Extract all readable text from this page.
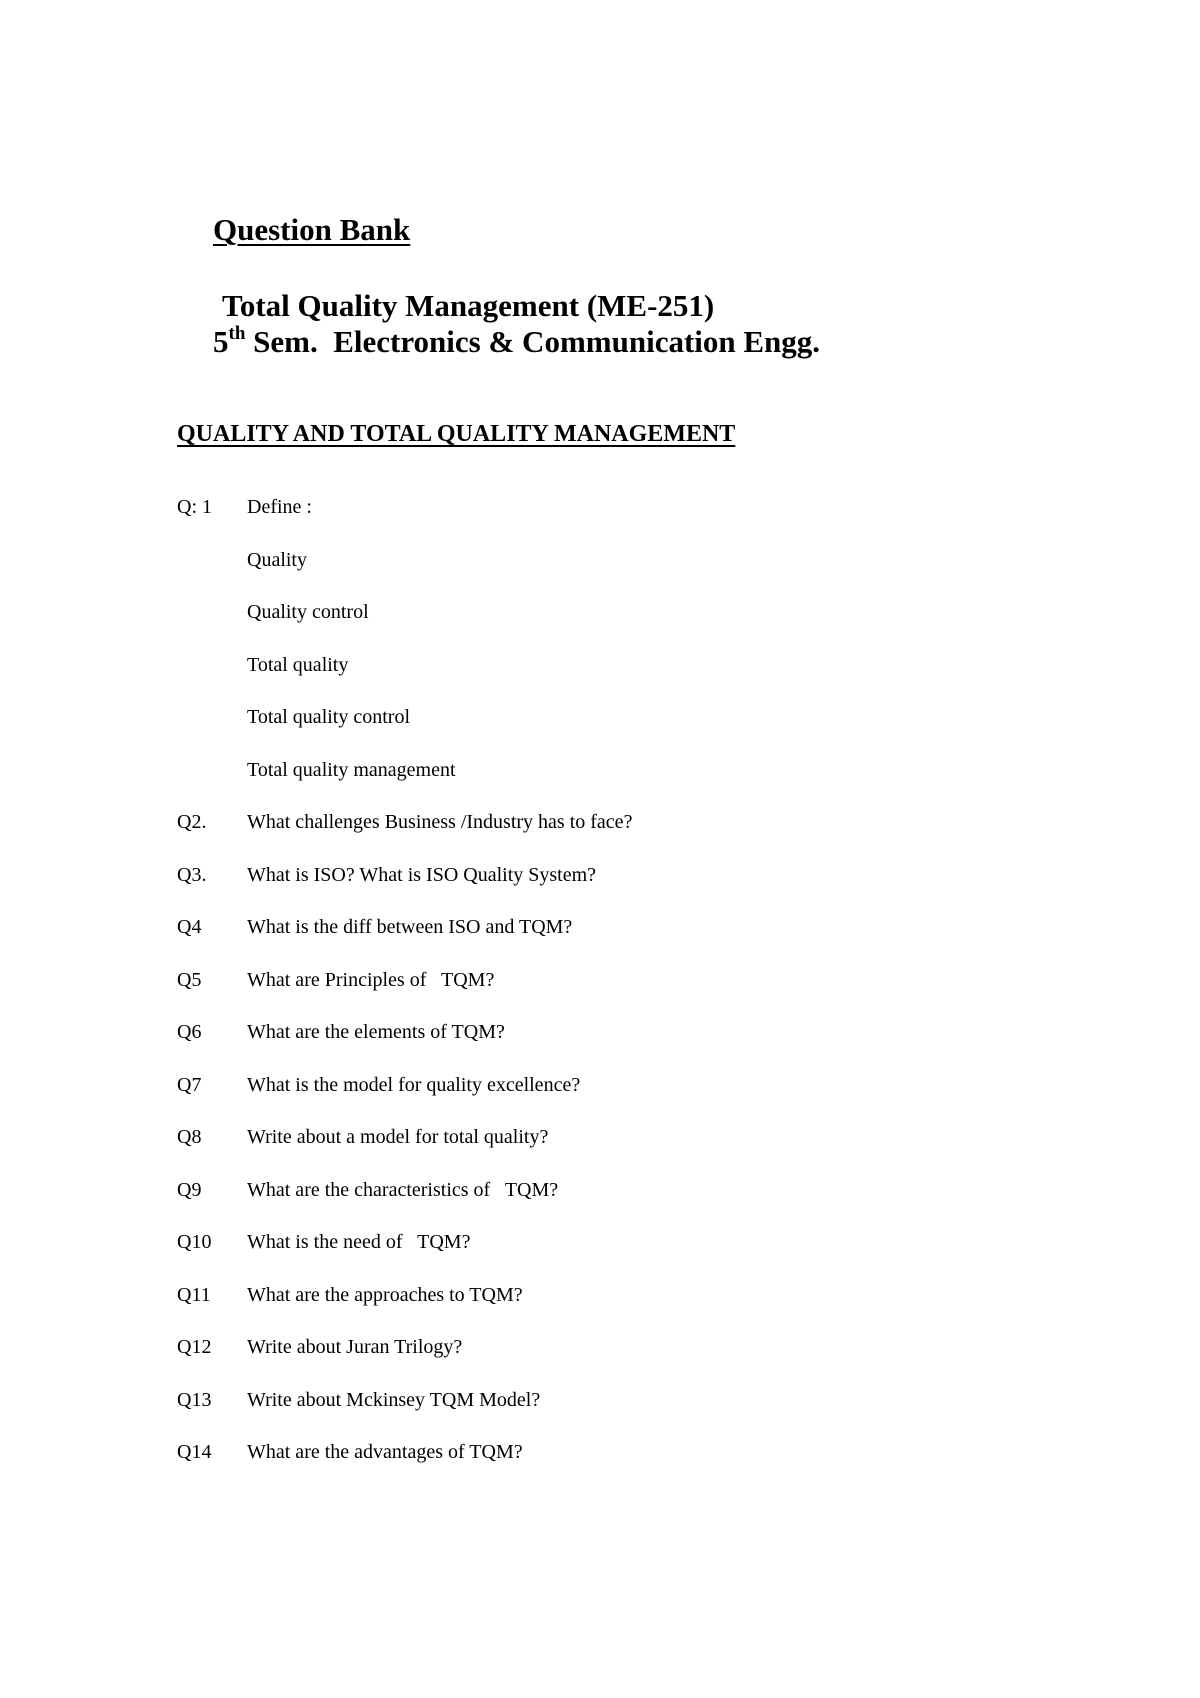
Question Bank
Total Quality Management (ME-251)
5th Sem.  Electronics & Communication Engg.
QUALITY AND TOTAL QUALITY MANAGEMENT
Q: 1 Define :
Quality
Quality control
Total quality
Total quality control
Total quality management
Q2. What challenges Business /Industry has to face?
Q3. What is ISO? What is ISO Quality System?
Q4 What is the diff between ISO and TQM?
Q5 What are Principles of   TQM?
Q6 What are the elements of TQM?
Q7 What is the model for quality excellence?
Q8 Write about a model for total quality?
Q9 What are the characteristics of   TQM?
Q10 What is the need of   TQM?
Q11 What are the approaches to TQM?
Q12 Write about Juran Trilogy?
Q13 Write about Mckinsey TQM Model?
Q14 What are the advantages of TQM?
